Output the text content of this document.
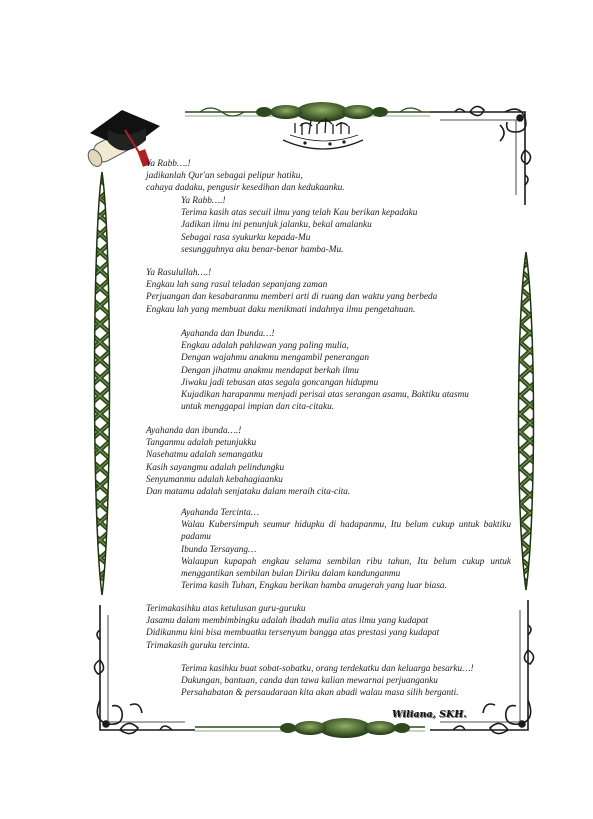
Ya Rabb….!
jadikanlah Qur'an sebagai pelipur hatiku,
cahaya dadaku, pengusir kesedihan dan kedukaanku.
Ya Rabb….!
Terima kasih atas secuil ilmu yang telah Kau berikan kepadaku
Jadikan ilmu ini penunjuk jalanku, bekal amalanku
Sebagai rasa syukurku kepada-Mu
sesungguhnya aku benar-benar hamba-Mu.
Ya Rasulullah….!
Engkau lah sang rasul teladan sepanjang zaman
Perjuangan dan kesabaranmu memberi arti di ruang dan waktu yang berbeda
Engkau lah yang membuat daku menikmati indahnya ilmu pengetahuan.
Ayahanda dan Ibunda…!
Engkau adalah pahlawan yang paling mulia,
Dengan wajahmu anakmu mengambil penerangan
Dengan jihatmu anakmu mendapat berkah ilmu
Jiwaku jadi tebusan atas segala goncangan hidupmu
Kujadikan harapanmu menjadi perisai atas serangan asamu, Baktiku atasmu
untuk menggapai impian dan cita-citaku.
Ayahanda dan ibunda….!
Tanganmu adalah petunjukku
Nasehatmu adalah semangatku
Kasih sayangmu adalah pelindungku
Senyumanmu adalah kebahagiaanku
Dan matamu adalah senjataku dalam meraih cita-cita.
Ayahanda Tercinta…
Walau Kubersimpuh seumur hidupku di hadapanmu, Itu belum cukup untuk baktiku padamu
Ibunda Tersayang…
Walaupun kupapah engkau selama sembilan ribu tahun, Itu belum cukup untuk menggantikan sembilan bulan Diriku dalam kandunganmu
Terima kasih Tuhan, Engkau berikan hamba anugerah yang luar biasa.
Terimakasihku atas ketulusan guru-guruku
Jasamu dalam membimbingku adalah ibadah mulia atas ilmu yang kudapat
Didikanmu kini bisa membuatku tersenyum bangga atas prestasi yang kudapat
Trimakasih guruku tercinta.
Terima kasihku buat sobat-sobatku, orang terdekatku dan keluarga besarku…!
Dukungan, bantuan, canda dan tawa kalian mewarnai perjuanganku
Persahabatan & persaudaraan kita akan abadi walau masa silih berganti.
Wiliana, SKH.
